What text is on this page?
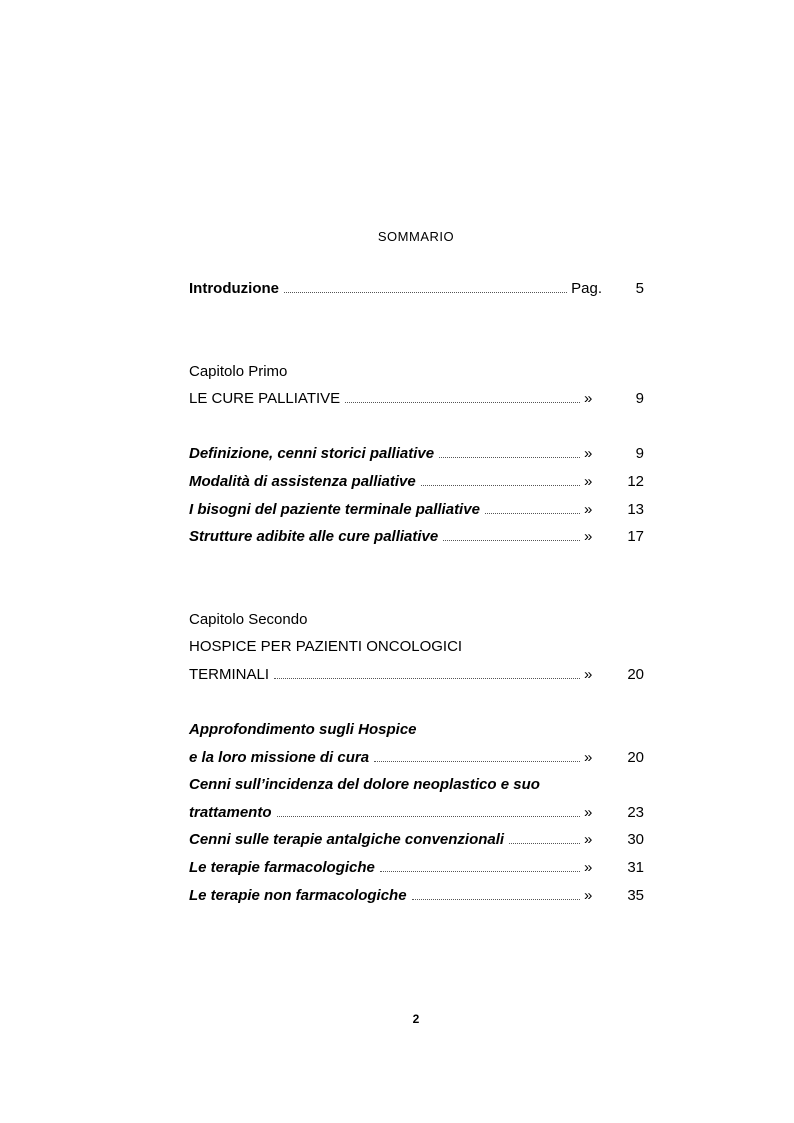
SOMMARIO
Introduzione	Pag.	5
Capitolo Primo
LE CURE PALLIATIVE	»	9
Definizione, cenni storici palliative	»	9
Modalità di assistenza palliative	»	12
I bisogni del paziente terminale palliative	»	13
Strutture adibite alle cure palliative	»	17
Capitolo Secondo
HOSPICE PER PAZIENTI ONCOLOGICI
TERMINALI	»	20
Approfondimento sugli Hospice
e la loro missione di cura	»	20
Cenni sull’incidenza del dolore neoplastico e suo
trattamento	»	23
Cenni sulle terapie antalgiche convenzionali	»	30
Le terapie farmacologiche	»	31
Le terapie non farmacologiche	»	35
2
